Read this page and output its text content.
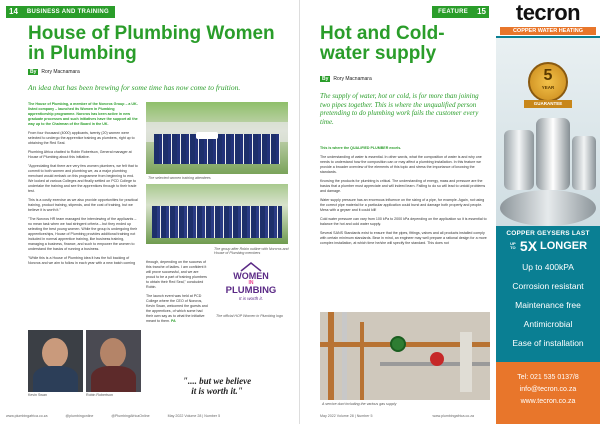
14	BUSINESS AND TRAINING
House of Plumbing Women in Plumbing
By	Rory Macnamara
An idea that has been brewing for some time has now come to fruition.

The House of Plumbing, a member of the Norcros Group – a UK-listed company – launched its Women in Plumbing apprenticeship programme. Norcros has been active in new graduate processes and such initiatives have the support all the way up to the Chairman of the Board in the UK.

From four thousand (4000) applicants, twenty (20) women were selected to undergo the apprentice training as plumbers, right up to obtaining the Red Seal.

Plumbing Africa chatted to Robin Robertson, General manager at House of Plumbing about this initiative.

"Appreciating that there are very few women plumbers, we felt that to commit to both women and plumbing we, as a major plumbing merchant would embark on this programme from beginning to end. We looked at various Colleges and finally settled on PCD College to undertake the training and see the apprentices through to their trade test.

This is a costly exercise as we also provide opportunities for practical training, product training, stipends, and the cost of training, but we believe it is worth it."

"The Norcros HR team managed the interviewing of the applicants – no mean task when we had stringent criteria – but they ended up selecting the best young women. While the group is undergoing their apprenticeships, House of Plumbing provides additional training not included in normal apprentice training, like business training, managing a business, finance, and such to empower the women to understand the basics of running a business.

"While this is a House of Plumbing idea it has the full backing of Norcros and we aim to follow in each year with a new batch coming

The selected women training attendees
The group after Robin outline with Norcros and House of Plumbing members

through, depending on the success of this tranche of ladies. I am confident it will prove successful, and we are proud to be a part of training plumbers to obtain their Red Seal," concluded Robin.

The launch event was held at PCD College where the CEO of Norcros, Kevin Swan, welcomed the guests and the apprentices, of which some had their own say as to what the initiative meant to them. PA

WOMEN
IN
PLUMBING
It is worth it.
The official HOP Women in Plumbing logo
Kevin Swan	Robin Robertson
".... but we believe
it is worth it."
www.plumbingafrica.co.za	@plumbingonline	@PlumbingAfricaOnline	May 2022 Volume 28 | Number 5
FEATURE	15
Hot and Cold-water supply
By	Rory Macnamara
The supply of water, hot or cold, is for more than joining two pipes together. This is where the unqualified person pretending to do plumbing work fails the customer every time.

This is where the QUALIFIED PLUMBER excels.

The understanding of water is essential. In other words, what the composition of water is and why one needs to understand how the composition can or may affect a plumbing installation. In this feature we provide a broader overview of the elements of this topic and stress the importance of knowing the standards.

Knowing the products for plumbing is critical. The understanding of energy, mass and pressure are the basics that a plumber must appreciate and will indeed learn. Failing to do so will lead to untold problems and damage.

Water supply pressure has an enormous influence on the sizing of a pipe, for example. Again, not using the correct pipe material for a particular application could burst and damage both property and people. Mess with a geyser and it could kill!

Cold water pressure can vary from 100 kPa to 2000 kPa depending on the application so it is essential to balance the hot and cold water supply.

Several SANS Standards exist to ensure that the pipes, fittings, valves and all products installed comply with certain minimum standards. Bear in mind, an engineer may well prepare a rational design for a more complex installation, at which time he/she will specify the standard. This does not

A service duct including the various gas supply
May 2022 Volume 28 | Number 5	www.plumbingafrica.co.za
tecron
COPPER WATER HEATING
5
YEAR
GUARANTEE
COPPER GEYSERS LAST
UP TO 5X LONGER
Up to 400kPA
Corrosion resistant
Maintenance free
Antimicrobial
Ease of installation
Tel: 021 535 0137/8
info@tecron.co.za
www.tecron.co.za
